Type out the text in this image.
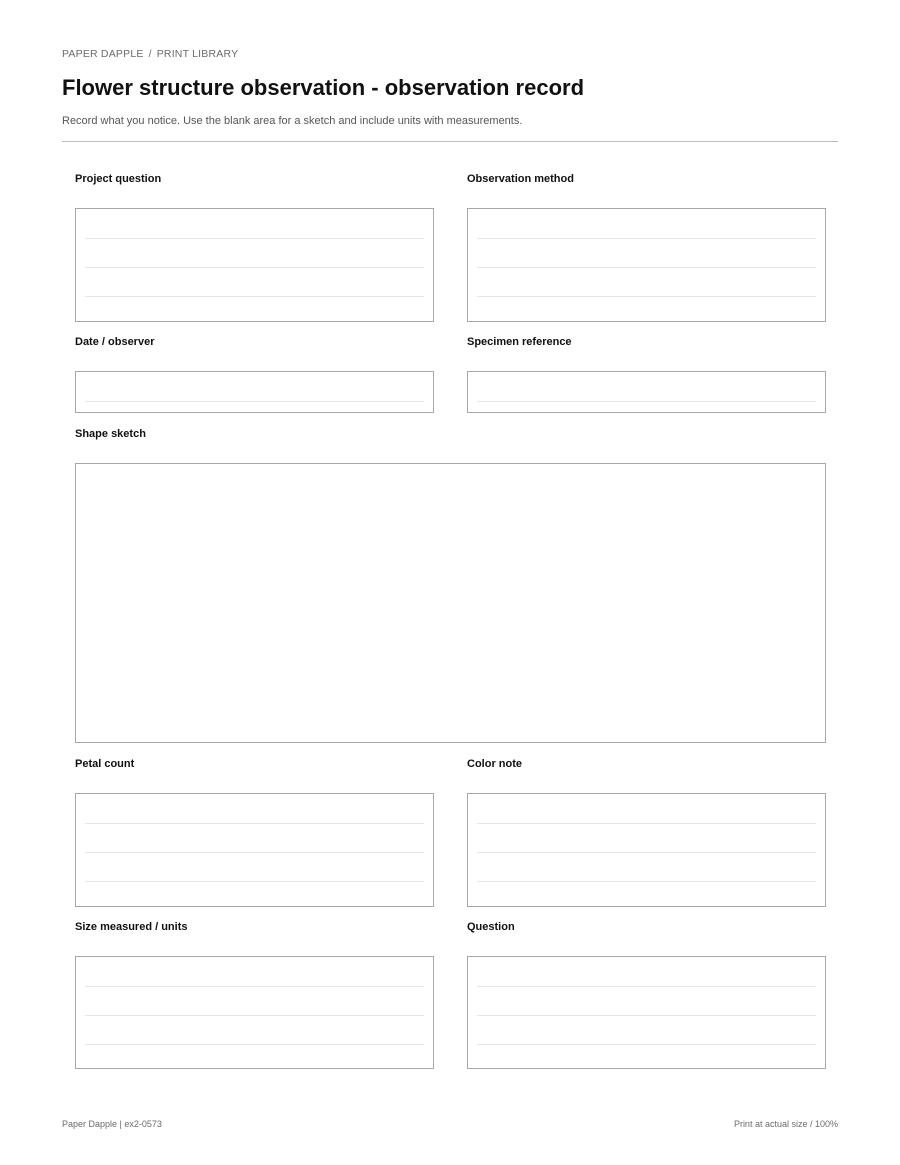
PAPER DAPPLE / PRINT LIBRARY
Flower structure observation - observation record
Record what you notice. Use the blank area for a sketch and include units with measurements.
Project question	Observation method
Date / observer	Specimen reference
Shape sketch
Petal count	Color note
Size measured / units	Question
Paper Dapple | ex2-0573	Print at actual size / 100%
